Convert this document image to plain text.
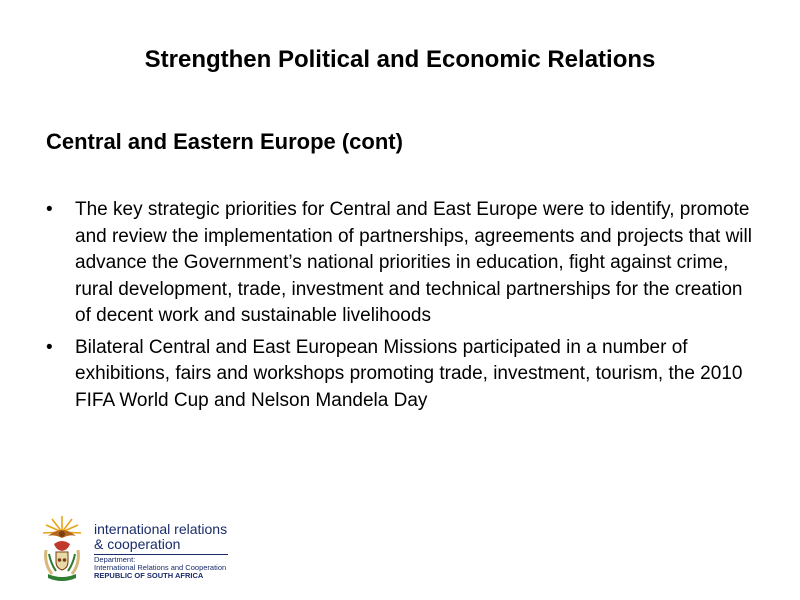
Strengthen Political and Economic Relations
Central and Eastern Europe (cont)
• The key strategic priorities for Central and East Europe were to identify, promote and review the implementation of partnerships, agreements and projects that will advance the Government’s national priorities in education, fight against crime, rural development, trade, investment and technical partnerships for the creation of decent work and sustainable livelihoods
• Bilateral Central and East European Missions participated in a number of exhibitions, fairs and workshops promoting trade, investment, tourism, the 2010 FIFA World Cup and Nelson Mandela Day
international relations
& cooperation
Department:
International Relations and Cooperation
REPUBLIC OF SOUTH AFRICA
